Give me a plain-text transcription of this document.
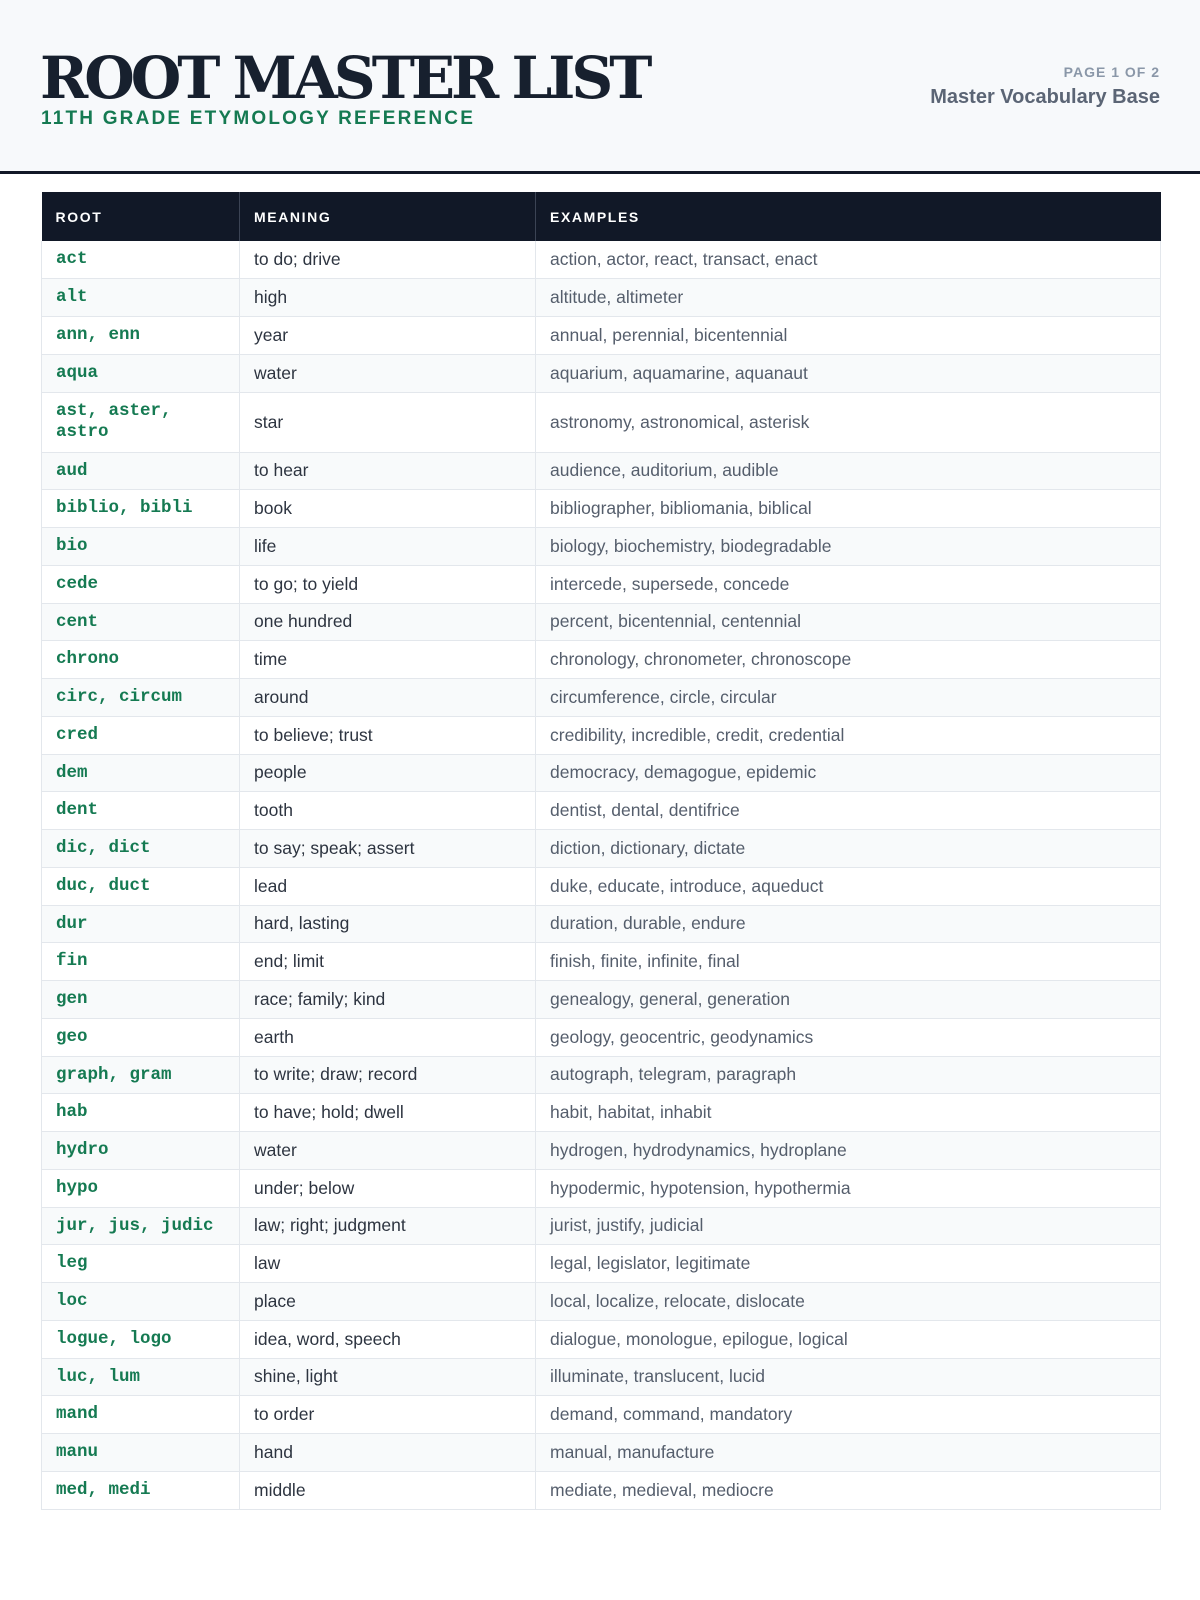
ROOT MASTER LIST
11TH GRADE ETYMOLOGY REFERENCE
PAGE 1 OF 2
Master Vocabulary Base
ROOT	MEANING	EXAMPLES
act	to do; drive	action, actor, react, transact, enact
alt	high	altitude, altimeter
ann, enn	year	annual, perennial, bicentennial
aqua	water	aquarium, aquamarine, aquanaut
ast, aster, astro	star	astronomy, astronomical, asterisk
aud	to hear	audience, auditorium, audible
biblio, bibli	book	bibliographer, bibliomania, biblical
bio	life	biology, biochemistry, biodegradable
cede	to go; to yield	intercede, supersede, concede
cent	one hundred	percent, bicentennial, centennial
chrono	time	chronology, chronometer, chronoscope
circ, circum	around	circumference, circle, circular
cred	to believe; trust	credibility, incredible, credit, credential
dem	people	democracy, demagogue, epidemic
dent	tooth	dentist, dental, dentifrice
dic, dict	to say; speak; assert	diction, dictionary, dictate
duc, duct	lead	duke, educate, introduce, aqueduct
dur	hard, lasting	duration, durable, endure
fin	end; limit	finish, finite, infinite, final
gen	race; family; kind	genealogy, general, generation
geo	earth	geology, geocentric, geodynamics
graph, gram	to write; draw; record	autograph, telegram, paragraph
hab	to have; hold; dwell	habit, habitat, inhabit
hydro	water	hydrogen, hydrodynamics, hydroplane
hypo	under; below	hypodermic, hypotension, hypothermia
jur, jus, judic	law; right; judgment	jurist, justify, judicial
leg	law	legal, legislator, legitimate
loc	place	local, localize, relocate, dislocate
logue, logo	idea, word, speech	dialogue, monologue, epilogue, logical
luc, lum	shine, light	illuminate, translucent, lucid
mand	to order	demand, command, mandatory
manu	hand	manual, manufacture
med, medi	middle	mediate, medieval, mediocre
